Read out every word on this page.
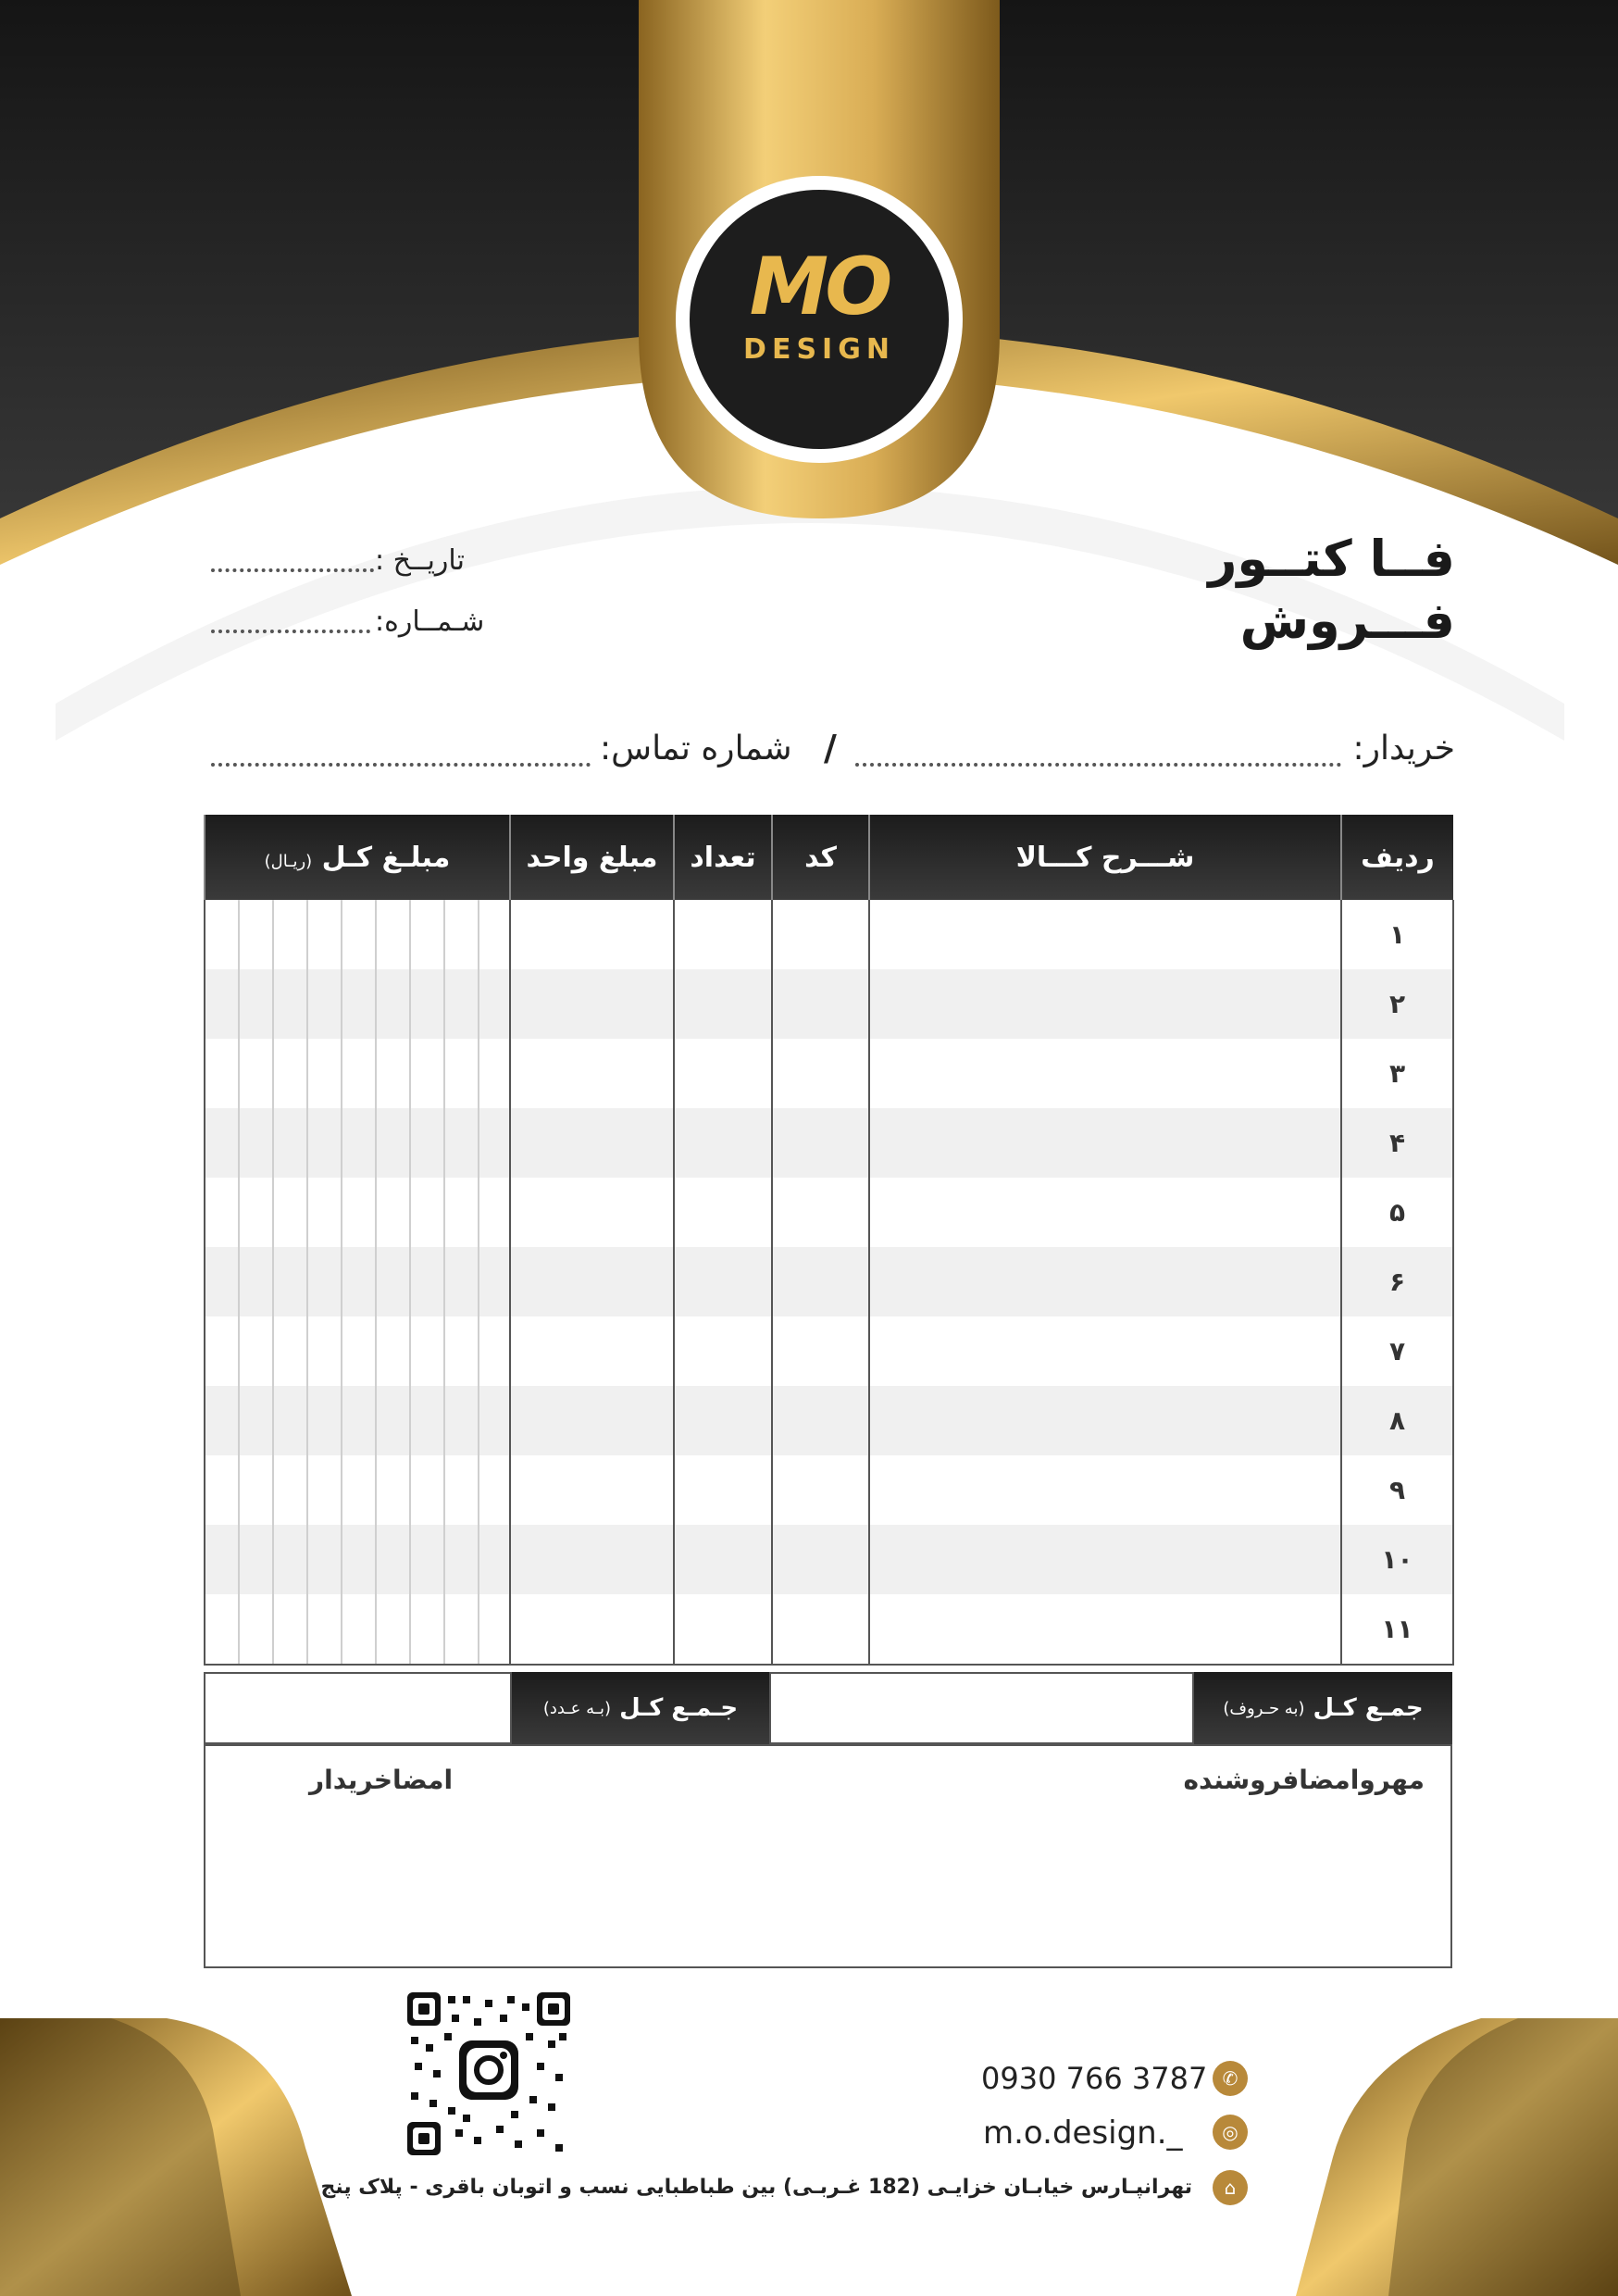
MO
DESIGN
فــا کتــور
فـــروش
تاریــخ :
شـمــاره:
خریدار:
/
شماره تماس:
ردیف	شـــرح کـــالا	کد	تعداد	مبلغ واحد	مبلـغ کـل (ریـال)
۱					
۲					
۳					
۴					
۵					
۶					
۷					
۸					
۹					
۱۰					
۱۱					
جمـع کـل

(به حـروف)
جـمـع کـل

(بـه عـدد)
مهروامضافروشنده
امضاخریدار
✆
0930 766 3787
◎
m.o.design._
⌂
تهرانپـارس خیابـان خزایـی (182 غـربـی) بین طباطبایی نسب و اتوبان باقری - پلاک پنج
